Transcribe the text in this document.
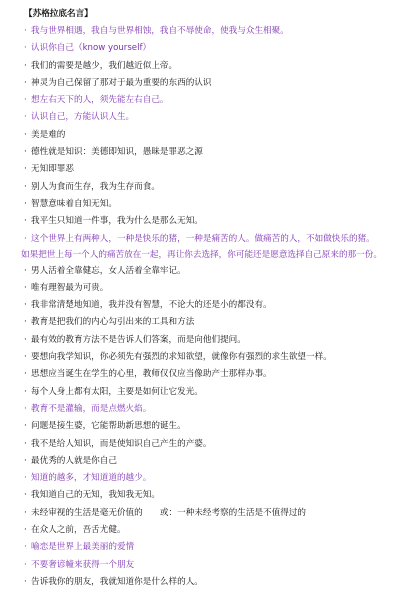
【苏格拉底名言】
· 我与世界相遇，我自与世界相蚀，我自不辱使命，使我与众生相聚。
· 认识你自己（know yourself）
· 我们的需要是越少，我们越近似上帝。
· 神灵为自己保留了那对于最为重要的东西的认识
· 想左右天下的人，须先能左右自己。
· 认识自己，方能认识人生。
· 美是难的
· 德性就是知识：美德即知识，愚昧是罪恶之源
· 无知即罪恶
· 别人为食而生存，我为生存而食。
· 智慧意味着自知无知。
· 我平生只知道一件事，我为什么是那么无知。
· 这个世界上有两种人，一种是快乐的猪，一种是痛苦的人。做痛苦的人，不如做快乐的猪。
如果把世上每一个人的痛苦放在一起，再让你去选择，你可能还是愿意选择自己原来的那一份。
· 男人活着全靠健忘，女人活着全靠牢记。
· 唯有理智最为可贵。
· 我非常清楚地知道，我并没有智慧，不论大的还是小的都没有。
· 教育是把我们的内心勾引出来的工具和方法
· 最有效的教育方法不是告诉人们答案，而是向他们提问。
· 要想向我学知识，你必须先有强烈的求知欲望，就像你有强烈的求生欲望一样。
· 思想应当诞生在学生的心里，教师仅仅应当像助产士那样办事。
· 每个人身上都有太阳，主要是如何让它发光。
· 教育不是灌输，而是点燃火焰。
· 问题是接生婆，它能帮助新思想的诞生。
· 我不是给人知识，而是使知识自己产生的产婆。
· 最优秀的人就是你自己
· 知道的越多，才知道道的越少。
· 我知道自己的无知，我知我无知。
· 未经审视的生活是毫无价值的　　或：一种未经考察的生活是不值得过的
· 在众人之前，吾舌尤健。
· 喻恋是世界上最美丽的爱情
· 不要奢谚幢来获得一个朋友
· 告诉我你的朋友，我就知道你是什么样的人。
